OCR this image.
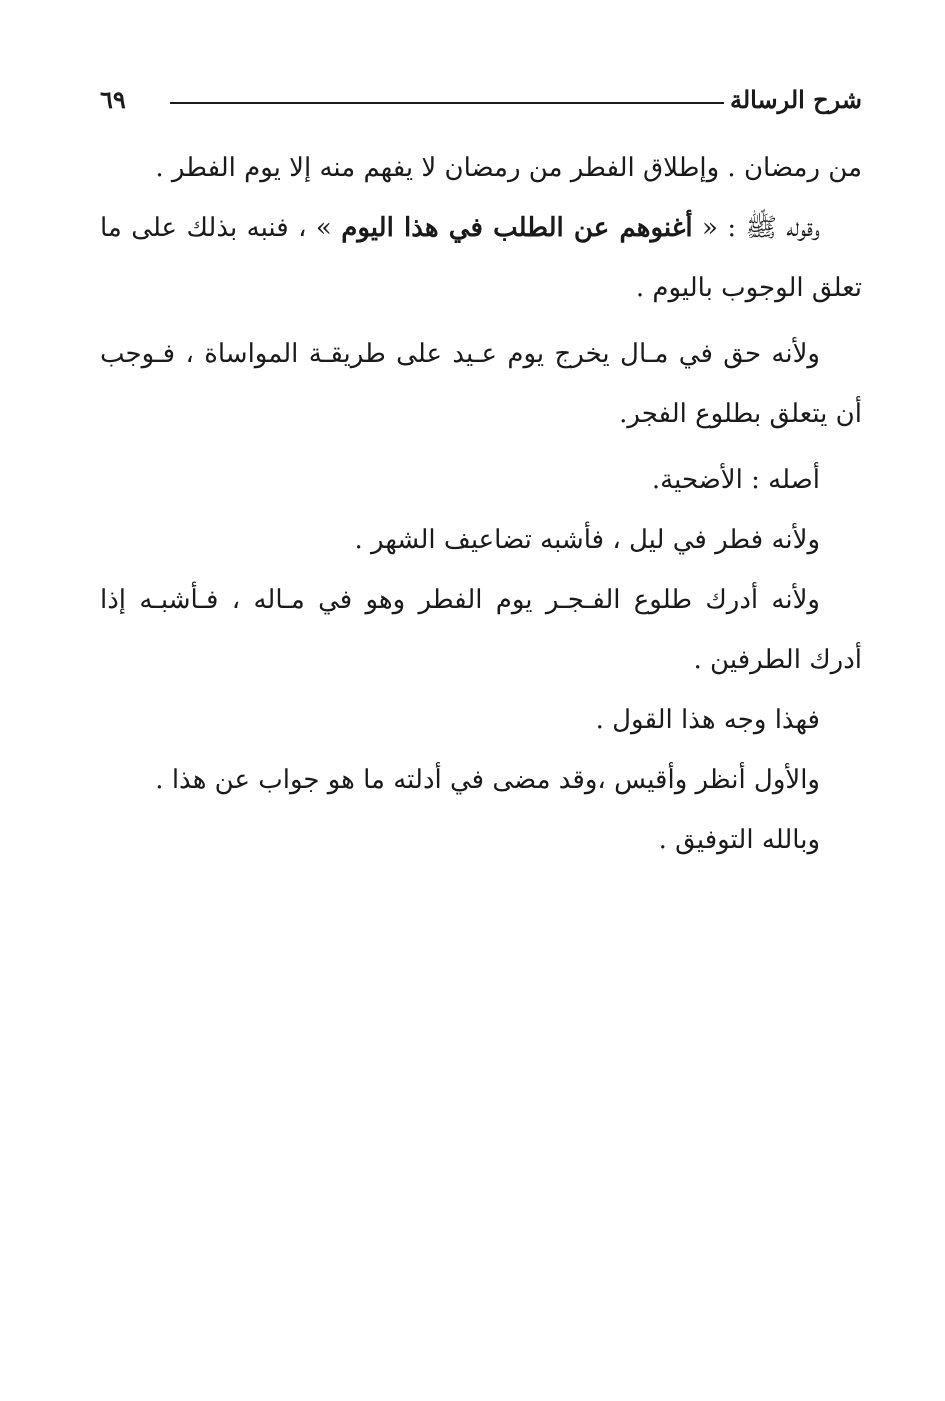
شرح الرسالة
٦٩

من رمضان . وإطلاق الفطر من رمضان لا يفهم منه إلا يوم الفطر .

وقوله ﷺ : « أغنوهم عن الطلب في هذا اليوم » ، فنبه بذلك على ما تعلق الوجوب باليوم .

ولأنه حق في مـال يخرج يوم عـيد على طريقـة المواساة ، فـوجب أن يتعلق بطلوع الفجر.

أصله : الأضحية.

ولأنه فطر في ليل ، فأشبه تضاعيف الشهر .

ولأنه أدرك طلوع الفـجـر يوم الفطر وهو في مـاله ، فـأشبـه إذا أدرك الطرفين .

فهذا وجه هذا القول .

والأول أنظر وأقيس ،وقد مضى في أدلته ما هو جواب عن هذا .

وبالله التوفيق .
